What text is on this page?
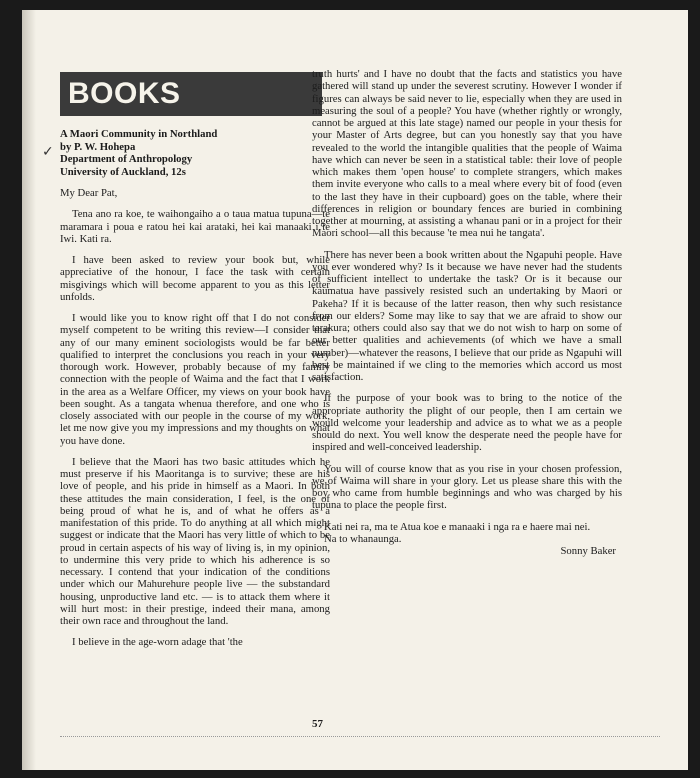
✓
BOOKS
A Maori Community in Northland
by P. W. Hohepa
Department of Anthropology
University of Auckland, 12s

My Dear Pat,

Tena ano ra koe, te waihongaiho a o taua matua tupuna—te maramara i poua e ratou hei kai arataki, hei kai manaaki i te Iwi. Kati ra.

I have been asked to review your book but, while appreciative of the honour, I face the task with certain misgivings which will become apparent to you as this letter unfolds.

I would like you to know right off that I do not consider myself competent to be writing this review—I consider that any of our many eminent sociologists would be far better qualified to interpret the conclusions you reach in your very thorough work. However, probably because of my family connection with the people of Waima and the fact that I work in the area as a Welfare Officer, my views on your book have been sought. As a tangata whenua therefore, and one who is closely associated with our people in the course of my work, let me now give you my impressions and my thoughts on what you have done.

I believe that the Maori has two basic attitudes which he must preserve if his Maoritanga is to survive; these are his love of people, and his pride in himself as a Maori. In both these attitudes the main consideration, I feel, is the one of being proud of what he is, and of what he offers as a manifestation of this pride. To do anything at all which might suggest or indicate that the Maori has very little of which to be proud in certain aspects of his way of living is, in my opinion, to undermine this very pride to which his adherence is so necessary. I contend that your indication of the conditions under which our Mahurehure people live — the substandard housing, unproductive land etc. — is to attack them where it will hurt most: in their prestige, indeed their mana, among their own race and throughout the land.

I believe in the age-worn adage that 'the

truth hurts' and I have no doubt that the facts and statistics you have gathered will stand up under the severest scrutiny. However I wonder if figures can always be said never to lie, especially when they are used in measuring the soul of a people? You have (whether rightly or wrongly, cannot be argued at this late stage) named our people in your thesis for your Master of Arts degree, but can you honestly say that you have revealed to the world the intangible qualities that the people of Waima have which can never be seen in a statistical table: their love of people which makes them 'open house' to complete strangers, which makes them invite everyone who calls to a meal where every bit of food (even to the last they have in their cupboard) goes on the table, where their differences in religion or boundary fences are buried in combining together at mourning, at assisting a whanau pani or in a project for their Maori school—all this because 'te mea nui he tangata'.

There has never been a book written about the Ngapuhi people. Have you ever wondered why? Is it because we have never had the students of sufficient intellect to undertake the task? Or is it because our kaumatua have passively resisted such an undertaking by Maori or Pakeha? If it is because of the latter reason, then why such resistance from our elders? Some may like to say that we are afraid to show our tarakura; others could also say that we do not wish to harp on some of our better qualities and achievements (of which we have a small number)—whatever the reasons, I believe that our pride as Ngapuhi will best be maintained if we cling to the memories which accord us most satisfaction.

If the purpose of your book was to bring to the notice of the appropriate authority the plight of our people, then I am certain we would welcome your leadership and advice as to what we as a people should do next. You well know the desperate need the people have for inspired and well-conceived leadership.

You will of course know that as you rise in your chosen profession, we of Waima will share in your glory. Let us please share this with the boy who came from humble beginnings and who was charged by his tupuna to place the people first.

Kati nei ra, ma te Atua koe e manaaki i nga ra e haere mai nei.

Na to whanaunga.

Sonny Baker
57
